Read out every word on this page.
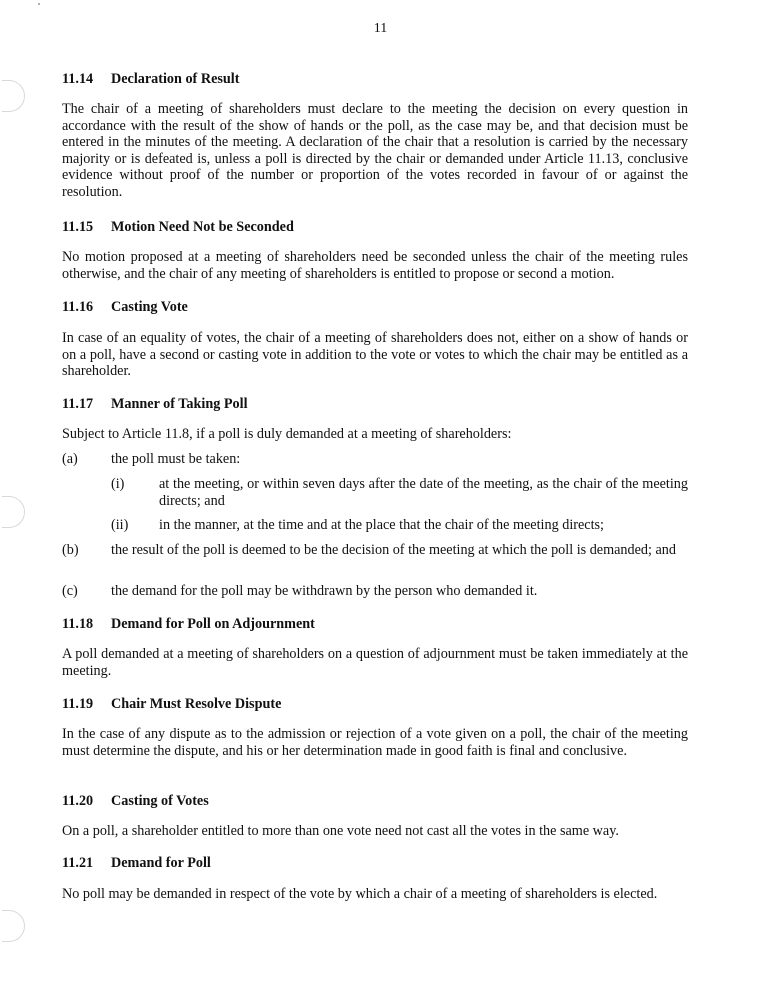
11
11.14 Declaration of Result
The chair of a meeting of shareholders must declare to the meeting the decision on every question in accordance with the result of the show of hands or the poll, as the case may be, and that decision must be entered in the minutes of the meeting. A declaration of the chair that a resolution is carried by the necessary majority or is defeated is, unless a poll is directed by the chair or demanded under Article 11.13, conclusive evidence without proof of the number or proportion of the votes recorded in favour of or against the resolution.
11.15 Motion Need Not be Seconded
No motion proposed at a meeting of shareholders need be seconded unless the chair of the meeting rules otherwise, and the chair of any meeting of shareholders is entitled to propose or second a motion.
11.16 Casting Vote
In case of an equality of votes, the chair of a meeting of shareholders does not, either on a show of hands or on a poll, have a second or casting vote in addition to the vote or votes to which the chair may be entitled as a shareholder.
11.17 Manner of Taking Poll
Subject to Article 11.8, if a poll is duly demanded at a meeting of shareholders:
(a) the poll must be taken:
(i) at the meeting, or within seven days after the date of the meeting, as the chair of the meeting directs; and
(ii) in the manner, at the time and at the place that the chair of the meeting directs;
(b) the result of the poll is deemed to be the decision of the meeting at which the poll is demanded; and
(c) the demand for the poll may be withdrawn by the person who demanded it.
11.18 Demand for Poll on Adjournment
A poll demanded at a meeting of shareholders on a question of adjournment must be taken immediately at the meeting.
11.19 Chair Must Resolve Dispute
In the case of any dispute as to the admission or rejection of a vote given on a poll, the chair of the meeting must determine the dispute, and his or her determination made in good faith is final and conclusive.
11.20 Casting of Votes
On a poll, a shareholder entitled to more than one vote need not cast all the votes in the same way.
11.21 Demand for Poll
No poll may be demanded in respect of the vote by which a chair of a meeting of shareholders is elected.
